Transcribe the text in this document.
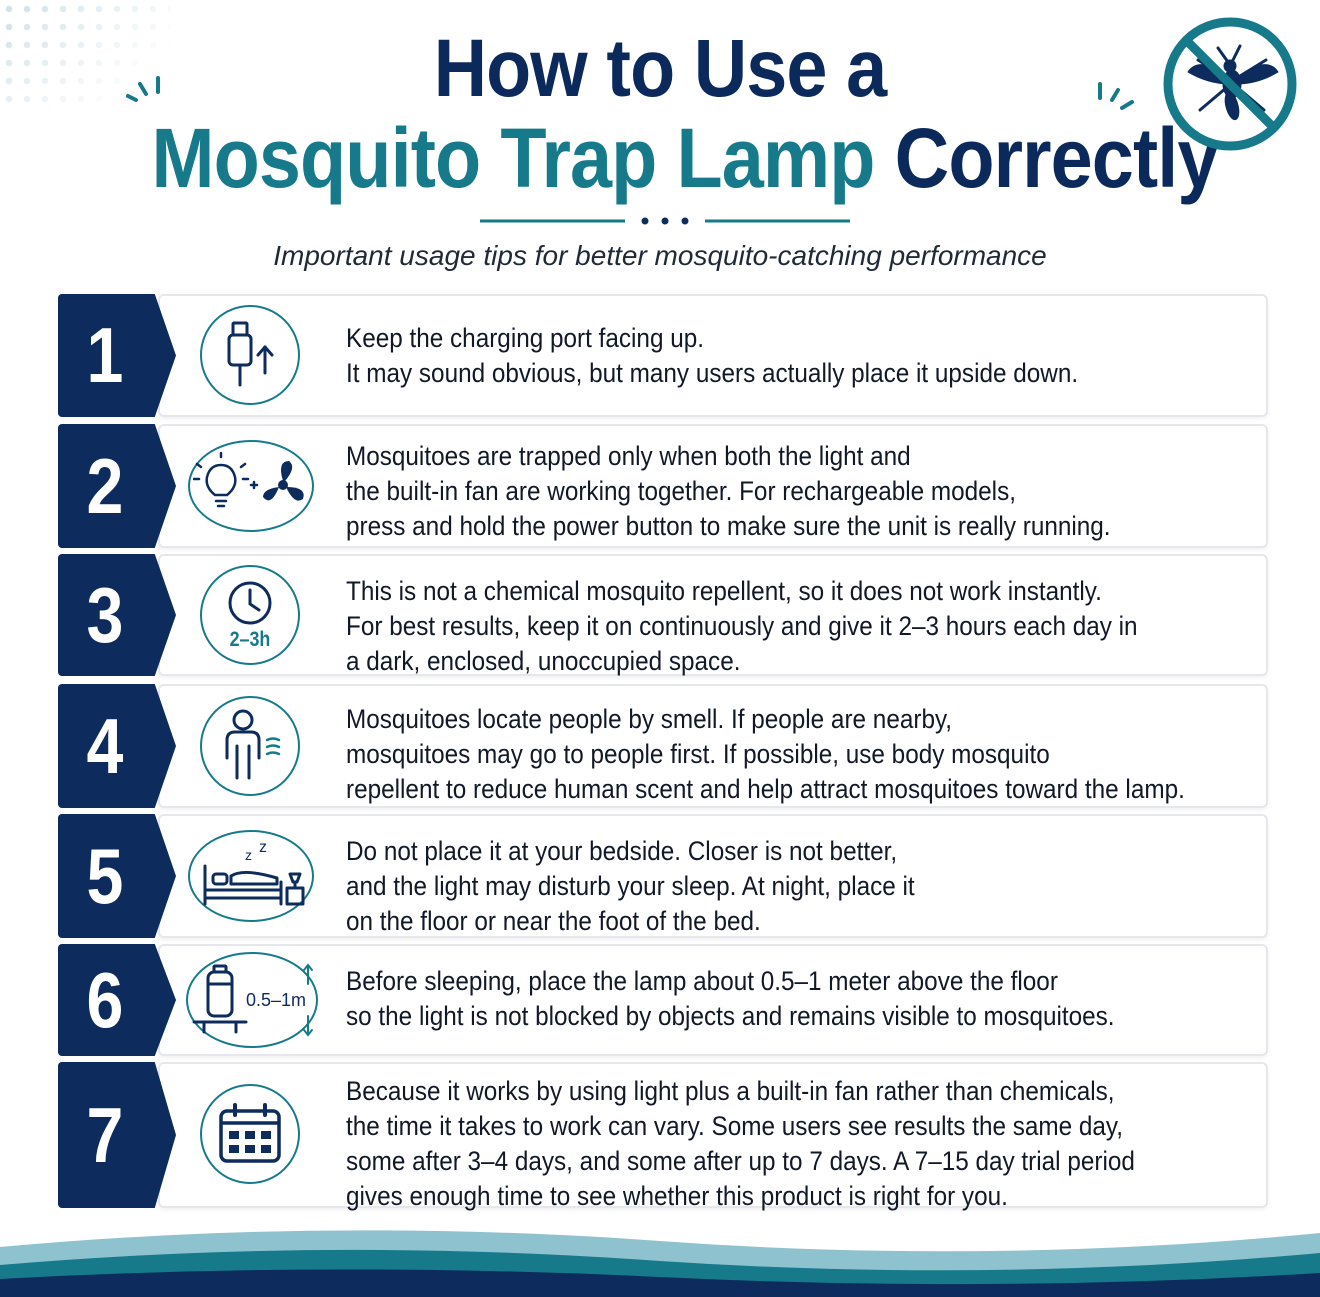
How to Use a
Mosquito Trap Lamp Correctly
Important usage tips for better mosquito-catching performance
1	Keep the charging port facing up.
It may sound obvious, but many users actually place it upside down.
2	Mosquitoes are trapped only when both the light and
the built-in fan are working together. For rechargeable models,
press and hold the power button to make sure the unit is really running.
3	2–3h
This is not a chemical mosquito repellent, so it does not work instantly.
For best results, keep it on continuously and give it 2–3 hours each day in
a dark, enclosed, unoccupied space.
4	Mosquitoes locate people by smell. If people are nearby,
mosquitoes may go to people first. If possible, use body mosquito
repellent to reduce human scent and help attract mosquitoes toward the lamp.
5	z z	Do not place it at your bedside. Closer is not better,
and the light may disturb your sleep. At night, place it
on the floor or near the foot of the bed.
6	0.5–1m
Before sleeping, place the lamp about 0.5–1 meter above the floor
so the light is not blocked by objects and remains visible to mosquitoes.
7	Because it works by using light plus a built-in fan rather than chemicals,
the time it takes to work can vary. Some users see results the same day,
some after 3–4 days, and some after up to 7 days. A 7–15 day trial period
gives enough time to see whether this product is right for you.
